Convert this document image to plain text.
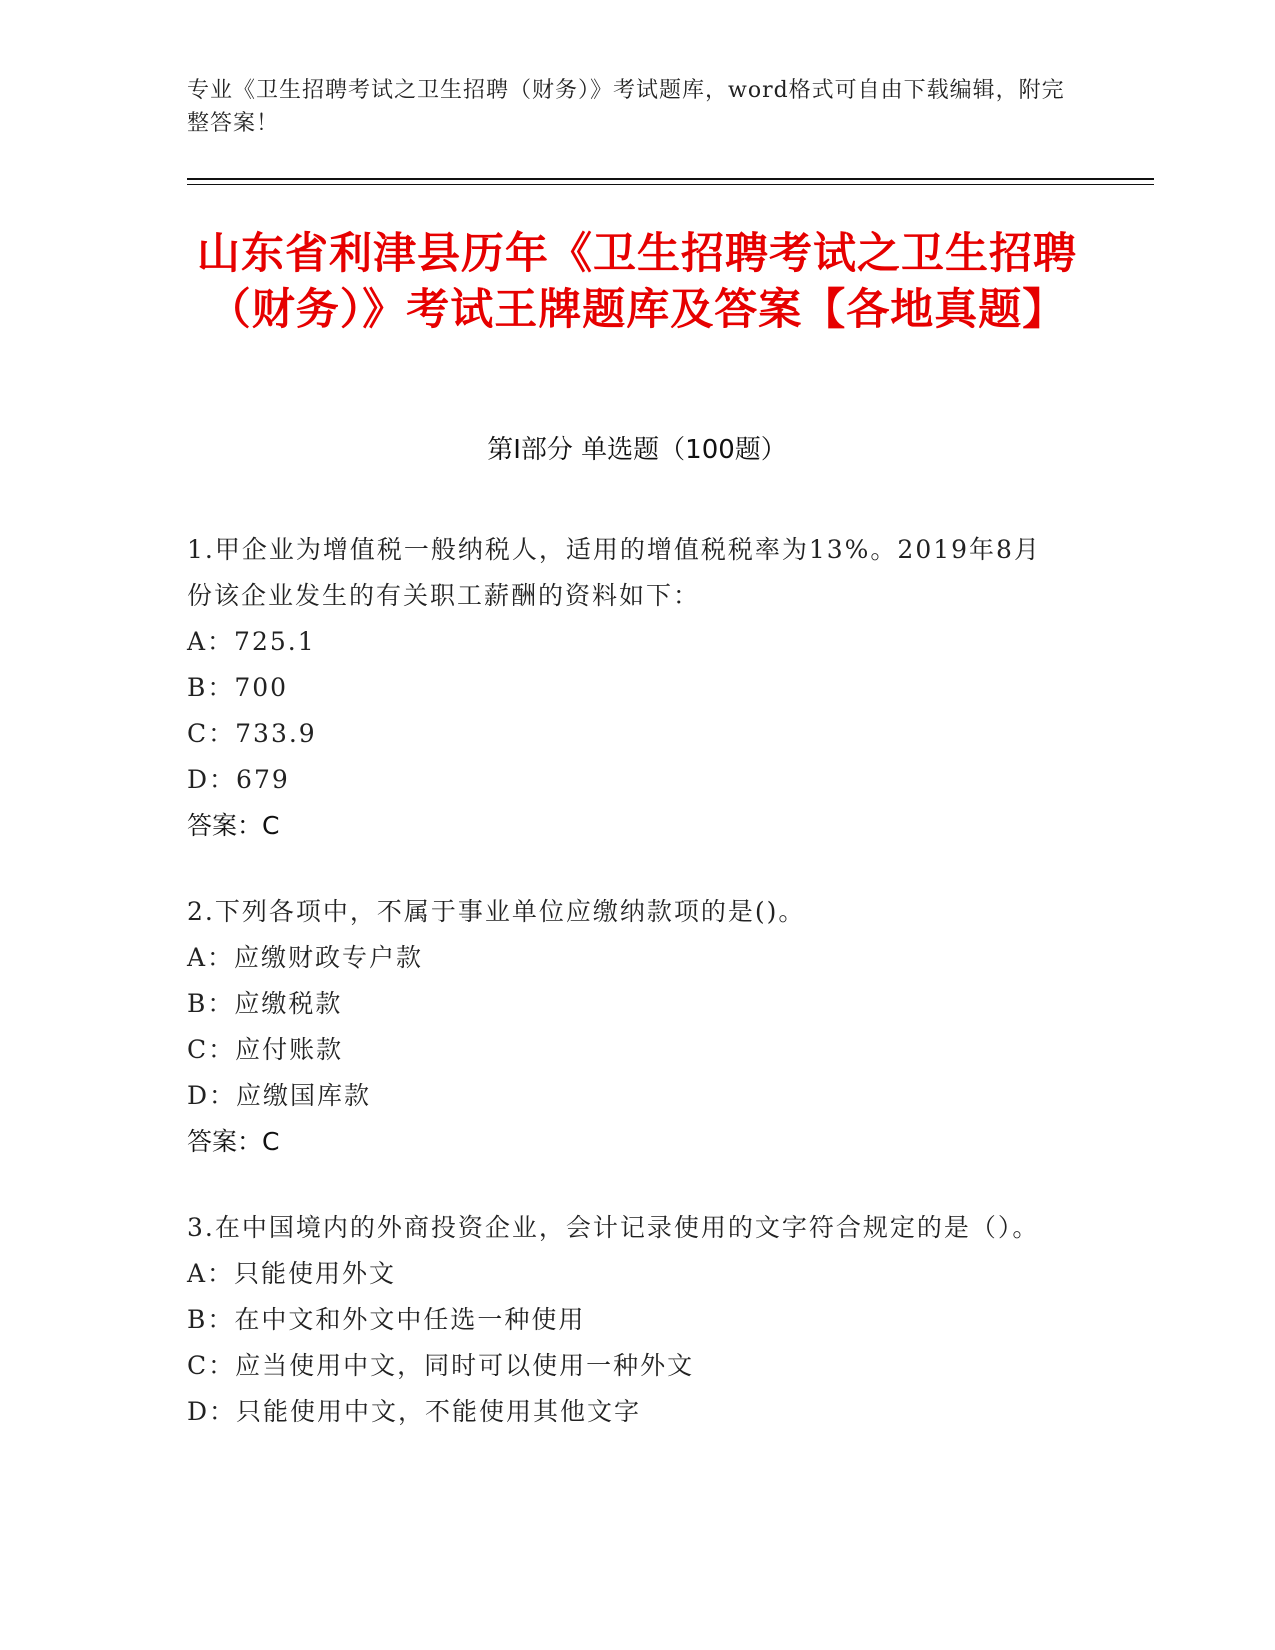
专业《卫生招聘考试之卫生招聘（财务）》考试题库，word格式可自由下载编辑，附完整答案！
山东省利津县历年《卫生招聘考试之卫生招聘（财务）》考试王牌题库及答案【各地真题】
第Ⅰ部分 单选题（100题）
1.甲企业为增值税一般纳税人，适用的增值税税率为13%。2019年8月份该企业发生的有关职工薪酬的资料如下：
A：725.1
B：700
C：733.9
D：679
答案：C
2.下列各项中，不属于事业单位应缴纳款项的是()。
A：应缴财政专户款
B：应缴税款
C：应付账款
D：应缴国库款
答案：C
3.在中国境内的外商投资企业，会计记录使用的文字符合规定的是（）。
A：只能使用外文
B：在中文和外文中任选一种使用
C：应当使用中文，同时可以使用一种外文
D：只能使用中文，不能使用其他文字
